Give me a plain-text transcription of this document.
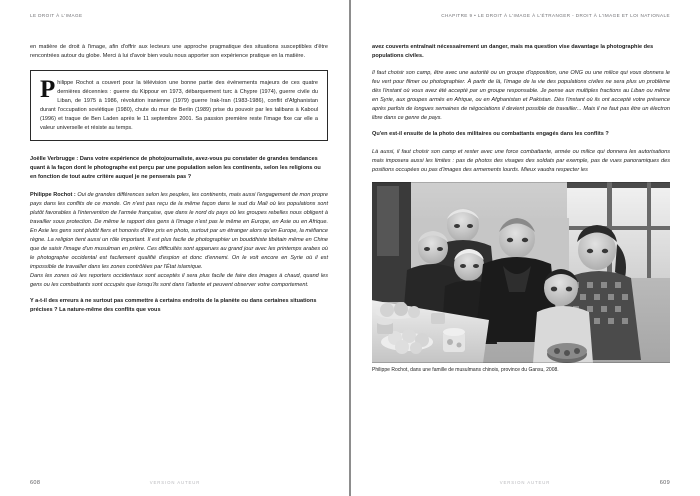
LE DROIT À L'IMAGE

en matière de droit à l'image, afin d'offrir aux lecteurs une approche pragmatique des situations susceptibles d'être rencontrées autour du globe. Merci à lui d'avoir bien voulu nous apporter son expérience pratique en la matière.

Philippe Rochot a couvert pour la télévision une bonne partie des événements majeurs de ces quatre dernières décennies : guerre du Kippour en 1973, débarquement turc à Chypre (1974), guerre civile du Liban, de 1975 à 1986, révolution iranienne (1979) guerre Irak-Iran (1983-1986), conflit d'Afghanistan durant l'occupation soviétique (1980), chute du mur de Berlin (1989) prise du pouvoir par les talibans à Kaboul (1996) et traque de Ben Laden après le 11 septembre 2001. Sa passion première reste l'image fixe car elle a valeur universelle et résiste au temps.

Joëlle Verbrugge : Dans votre expérience de photojournaliste, avez-vous pu constater de grandes tendances quant à la façon dont le photographe est perçu par une population selon les continents, selon les religions ou en fonction de tout autre critère auquel je ne penserais pas ?

Philippe Rochot : Oui de grandes différences selon les peuples, les continents, mais aussi l'engagement de mon propre pays dans les conflits de ce monde. On n'est pas reçu de la même façon dans le sud du Mali où les populations sont plutôt favorables à l'intervention de l'armée française, que dans le nord du pays où les groupes rebelles nous obligent à travailler sous protection. De même le rapport des gens à l'image n'est pas le même en Europe, en Asie ou en Afrique. En Asie les gens sont plutôt fiers et honorés d'être pris en photo, surtout par un étranger alors qu'en Europe, la méfiance règne. La religion tient aussi un rôle important. Il est plus facile de photographier un bouddhiste tibétain même en Chine que de saisir l'image d'un musulman en prière. Ces difficultés sont apparues au grand jour avec les printemps arabes où le photographe occidental est facilement qualifié d'espion et donc d'ennemi. On le voit encore en Syrie où il est impossible de travailler dans les zones contrôlées par l'État islamique.

Dans les zones où les reporters occidentaux sont acceptés il sera plus facile de faire des images à chaud, quand les gens ou les combattants sont occupés que lorsqu'ils sont dans l'attente et peuvent observer votre comportement.

Y a-t-il des erreurs à ne surtout pas commettre à certains endroits de la planète ou dans certaines situations précises ? La nature-même des conflits que vous

608	VERSION AUTEUR
CHAPITRE 9 • LE DROIT À L'IMAGE À L'ÉTRANGER - DROIT À L'IMAGE ET LOI NATIONALE

avez couverts entraînait nécessairement un danger, mais ma question vise davantage la photographie des populations civiles.

Il faut choisir son camp, être avec une autorité ou un groupe d'opposition, une ONG ou une milice qui vous donnera le feu vert pour filmer ou photographier. À partir de là, l'image de la vie des populations civiles ne sera plus un problème dès l'instant où vous avez été accepté par un groupe responsable. Je pense aux multiples fractions au Liban ou même en Syrie, aux groupes armés en Afrique, ou en Afghanistan et Pakistan. Dès l'instant où ils ont accepté votre présence après parfois de longues semaines de négociations il devient possible de travailler... Mais il ne faut pas être un électron libre dans ce genre de pays.

Qu'en est-il ensuite de la photo des militaires ou combattants engagés dans les conflits ?

Là aussi, il faut choisir son camp et rester avec une force combattante, armée ou milice qui donnera les autorisations mais imposera aussi les limites : pas de photos des visages des soldats par exemple, pas de vues panoramiques des positions occupées ou pas d'images des armements lourds. Mieux vaudra respecter les

Philippe Rochot, dans une famille de musulmans chinois, province du Gansu, 2008.
609
VERSION AUTEUR
